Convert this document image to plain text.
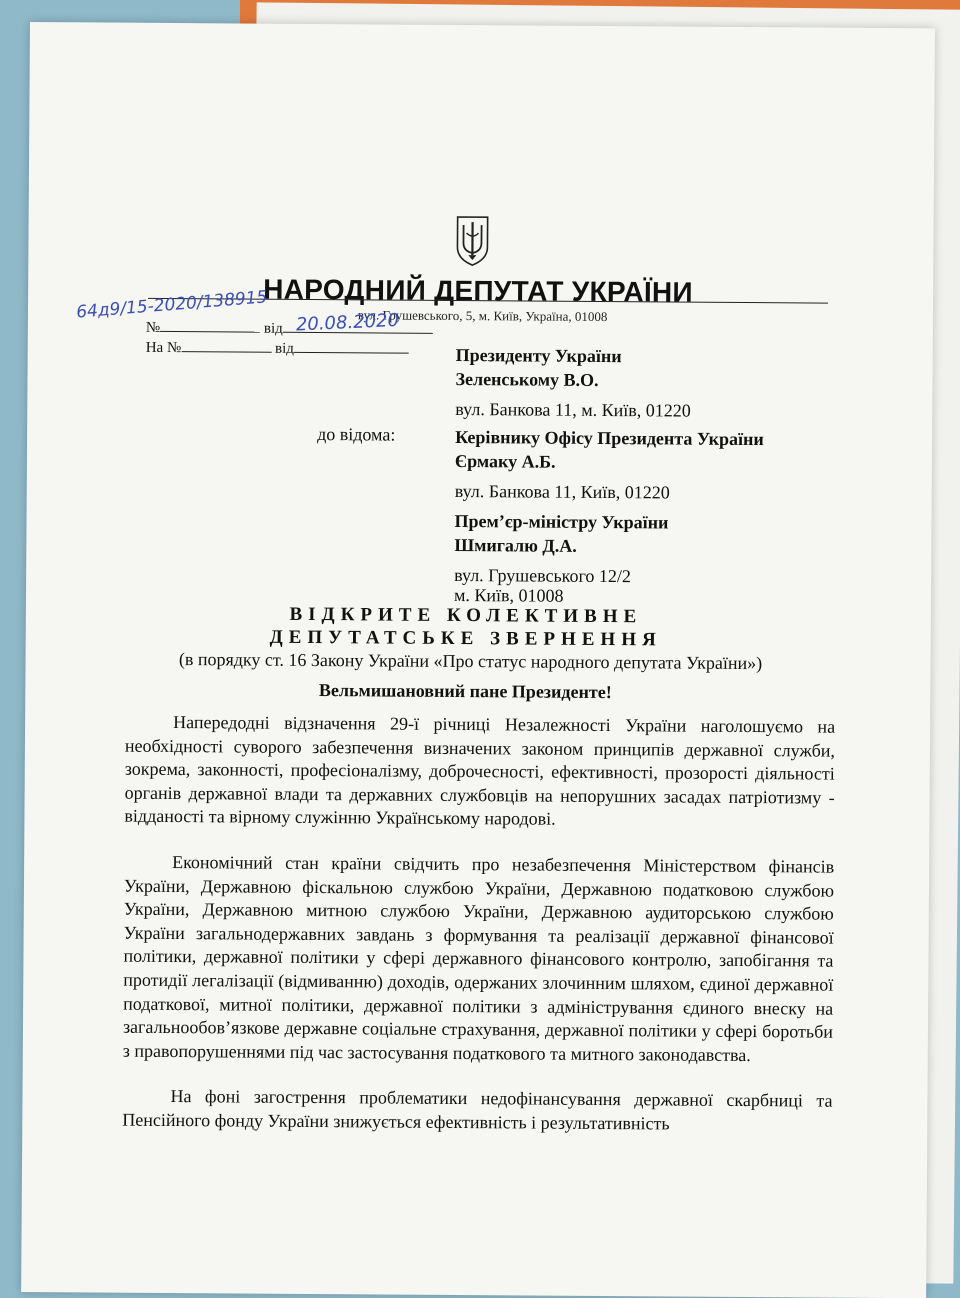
НАРОДНИЙ ДЕПУТАТ УКРАЇНИ
вул. Грушевського, 5, м. Київ, Україна, 01008
64д9/15-2020/138915
20.08.2020
№	від
На №	від	Президенту України
Зеленському В.О.
вул. Банкова 11, м. Київ, 01220
до відома:	Керівнику Офісу Президента України
Єрмаку А.Б.
вул. Банкова 11, Київ, 01220
Прем’єр-міністру України
Шмигалю Д.А.
вул. Грушевського 12/2
м. Київ, 01008
ВІДКРИТЕ КОЛЕКТИВНЕ
ДЕПУТАТСЬКЕ ЗВЕРНЕННЯ
(в порядку ст. 16 Закону України «Про статус народного депутата України»)
Вельмишановний пане Президенте!
Напередодні відзначення 29-ї річниці Незалежності України наголошуємо на необхідності суворого забезпечення визначених законом принципів державної служби, зокрема, законності, професіоналізму, доброчесності, ефективності, прозорості діяльності органів державної влади та державних службовців на непорушних засадах патріотизму - відданості та вірному служінню Українському народові.
Економічний стан країни свідчить про незабезпечення Міністерством фінансів України, Державною фіскальною службою України, Державною податковою службою України, Державною митною службою України, Державною аудиторською службою України загальнодержавних завдань з формування та реалізації державної фінансової політики, державної політики у сфері державного фінансового контролю, запобігання та протидії легалізації (відмиванню) доходів, одержаних злочинним шляхом, єдиної державної податкової, митної політики, державної політики з адміністрування єдиного внеску на загальнообов’язкове державне соціальне страхування, державної політики у сфері боротьби з правопорушеннями під час застосування податкового та митного законодавства.
На фоні загострення проблематики недофінансування державної скарбниці та Пенсійного фонду України знижується ефективність і результативність
